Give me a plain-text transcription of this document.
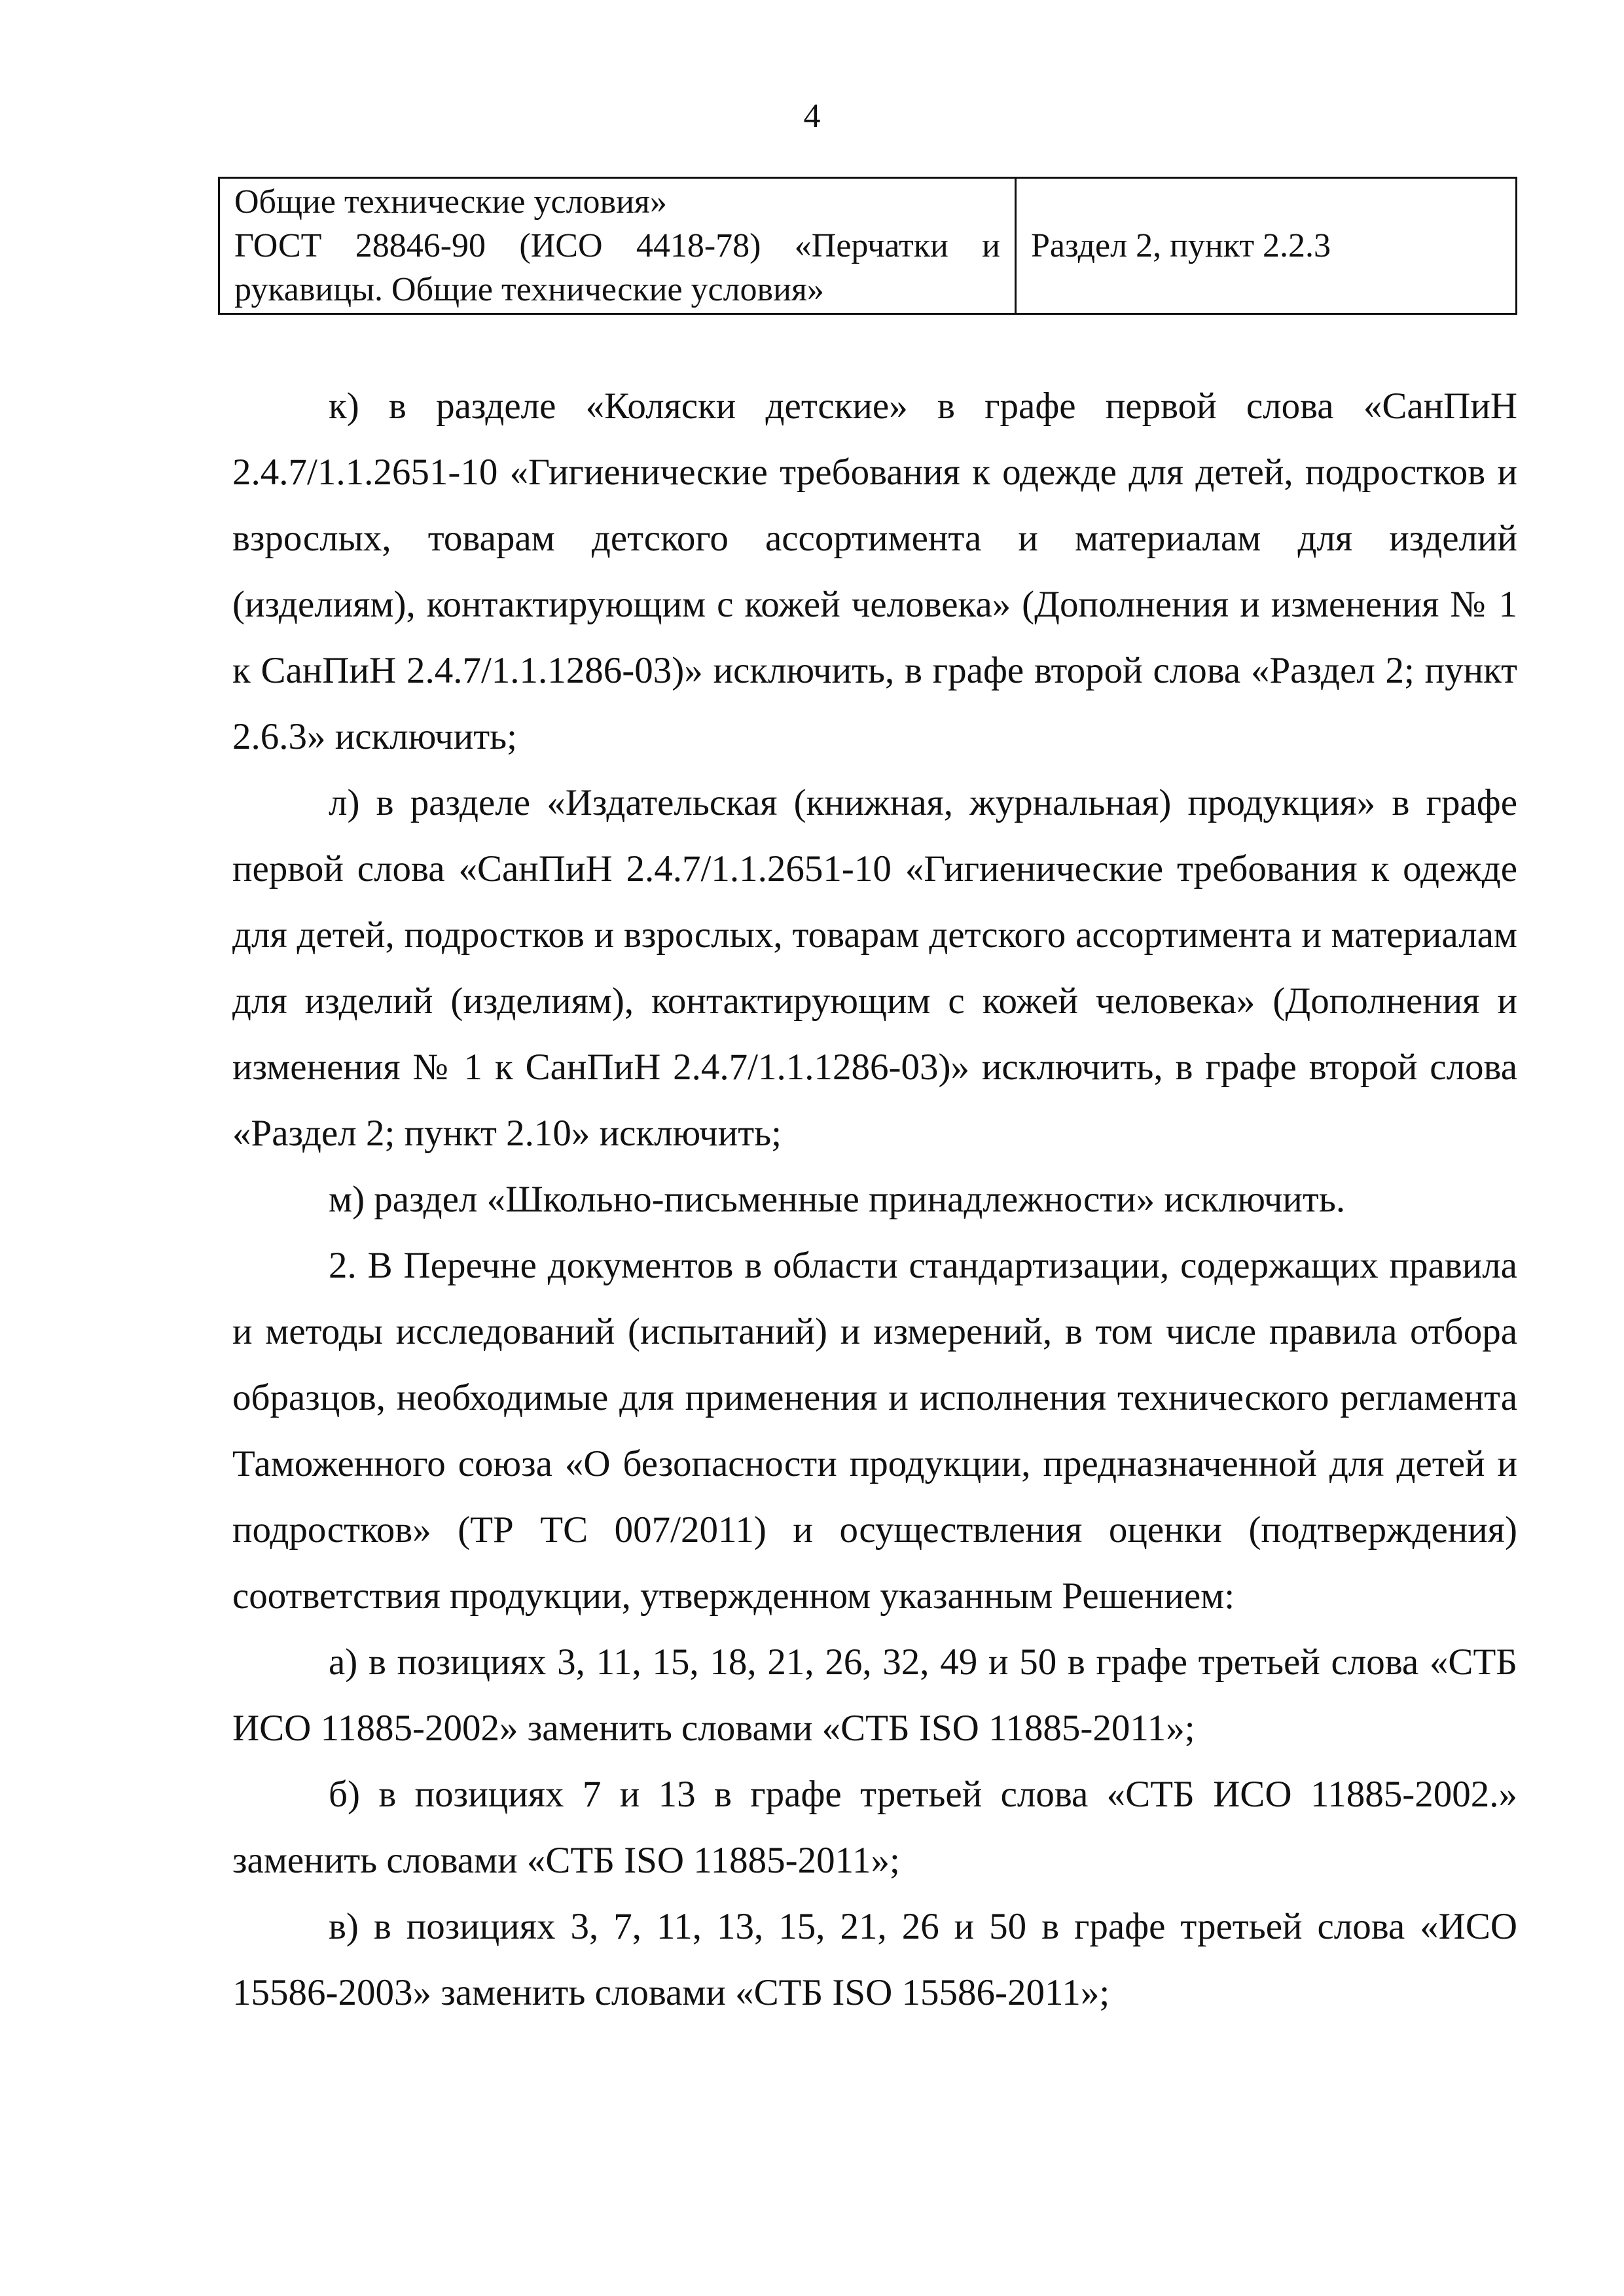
4
Общие технические условия»
ГОСТ 28846-90 (ИСО 4418-78) «Перчатки и
рукавицы. Общие технические условия»
	Раздел 2, пункт 2.2.3

к) в разделе «Коляски детские» в графе первой слова «СанПиН 2.4.7/1.1.2651-10 «Гигиенические требования к одежде для детей, подростков и взрослых, товарам детского ассортимента и материалам для изделий (изделиям), контактирующим с кожей человека» (Дополнения и изменения № 1 к СанПиН 2.4.7/1.1.1286-03)» исключить, в графе второй слова «Раздел 2; пункт 2.6.3» исключить;

л) в разделе «Издательская (книжная, журнальная) продукция» в графе первой слова «СанПиН 2.4.7/1.1.2651-10 «Гигиенические требования к одежде для детей, подростков и взрослых, товарам детского ассортимента и материалам для изделий (изделиям), контактирующим с кожей человека» (Дополнения и изменения № 1 к СанПиН 2.4.7/1.1.1286-03)» исключить, в графе второй слова «Раздел 2; пункт 2.10» исключить;

м) раздел «Школьно-письменные принадлежности» исключить.

2. В Перечне документов в области стандартизации, содержащих правила и методы исследований (испытаний) и измерений, в том числе правила отбора образцов, необходимые для применения и исполнения технического регламента Таможенного союза «О безопасности продукции, предназначенной для детей и подростков» (ТР ТС 007/2011) и осуществления оценки (подтверждения) соответствия продукции, утвержденном указанным Решением:

а) в позициях 3, 11, 15, 18, 21, 26, 32, 49 и 50 в графе третьей слова «СТБ ИСО 11885-2002» заменить словами «СТБ ISO 11885-2011»;

б) в позициях 7 и 13 в графе третьей слова «СТБ ИСО 11885-2002.» заменить словами «СТБ ISO 11885-2011»;

в) в позициях 3, 7, 11, 13, 15, 21, 26 и 50 в графе третьей слова «ИСО 15586-2003» заменить словами «СТБ ISO 15586-2011»;
